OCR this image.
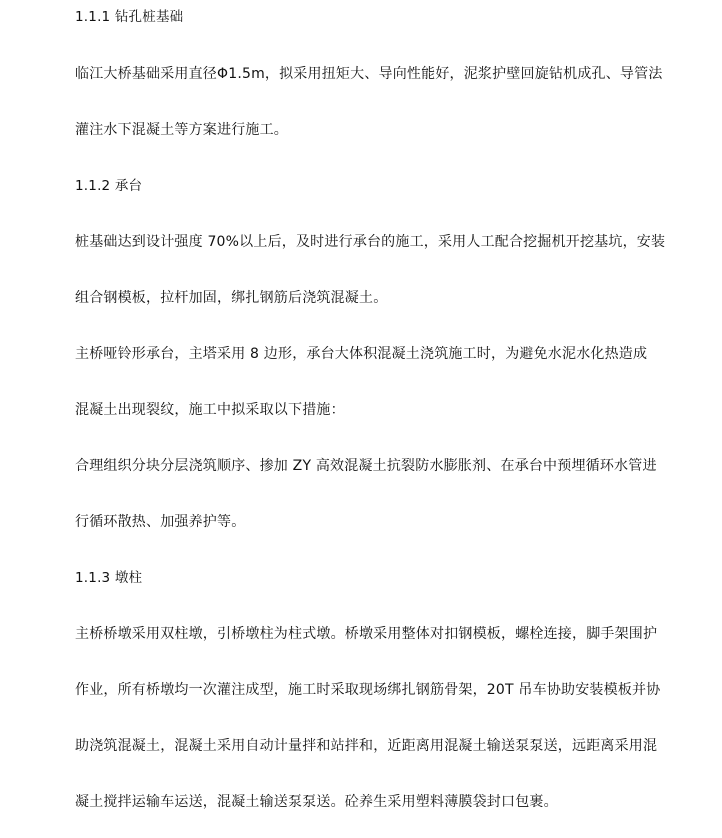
1.1.1 钻孔桩基础
临江大桥基础采用直径Φ1.5m，拟采用扭矩大、导向性能好，泥浆护壁回旋钻机成孔、导管法
灌注水下混凝土等方案进行施工。
1.1.2 承台
桩基础达到设计强度 70%以上后，及时进行承台的施工，采用人工配合挖掘机开挖基坑，安装
组合钢模板，拉杆加固，绑扎钢筋后浇筑混凝土。
主桥哑铃形承台，主塔采用 8 边形，承台大体积混凝土浇筑施工时，为避免水泥水化热造成
混凝土出现裂纹，施工中拟采取以下措施：
合理组织分块分层浇筑顺序、掺加 ZY 高效混凝土抗裂防水膨胀剂、在承台中预埋循环水管进
行循环散热、加强养护等。
1.1.3 墩柱
主桥桥墩采用双柱墩，引桥墩柱为柱式墩。桥墩采用整体对扣钢模板，螺栓连接，脚手架围护
作业，所有桥墩均一次灌注成型，施工时采取现场绑扎钢筋骨架，20T 吊车协助安装模板并协
助浇筑混凝土，混凝土采用自动计量拌和站拌和，近距离用混凝土输送泵泵送，远距离采用混
凝土搅拌运输车运送，混凝土输送泵泵送。砼养生采用塑料薄膜袋封口包裹。
